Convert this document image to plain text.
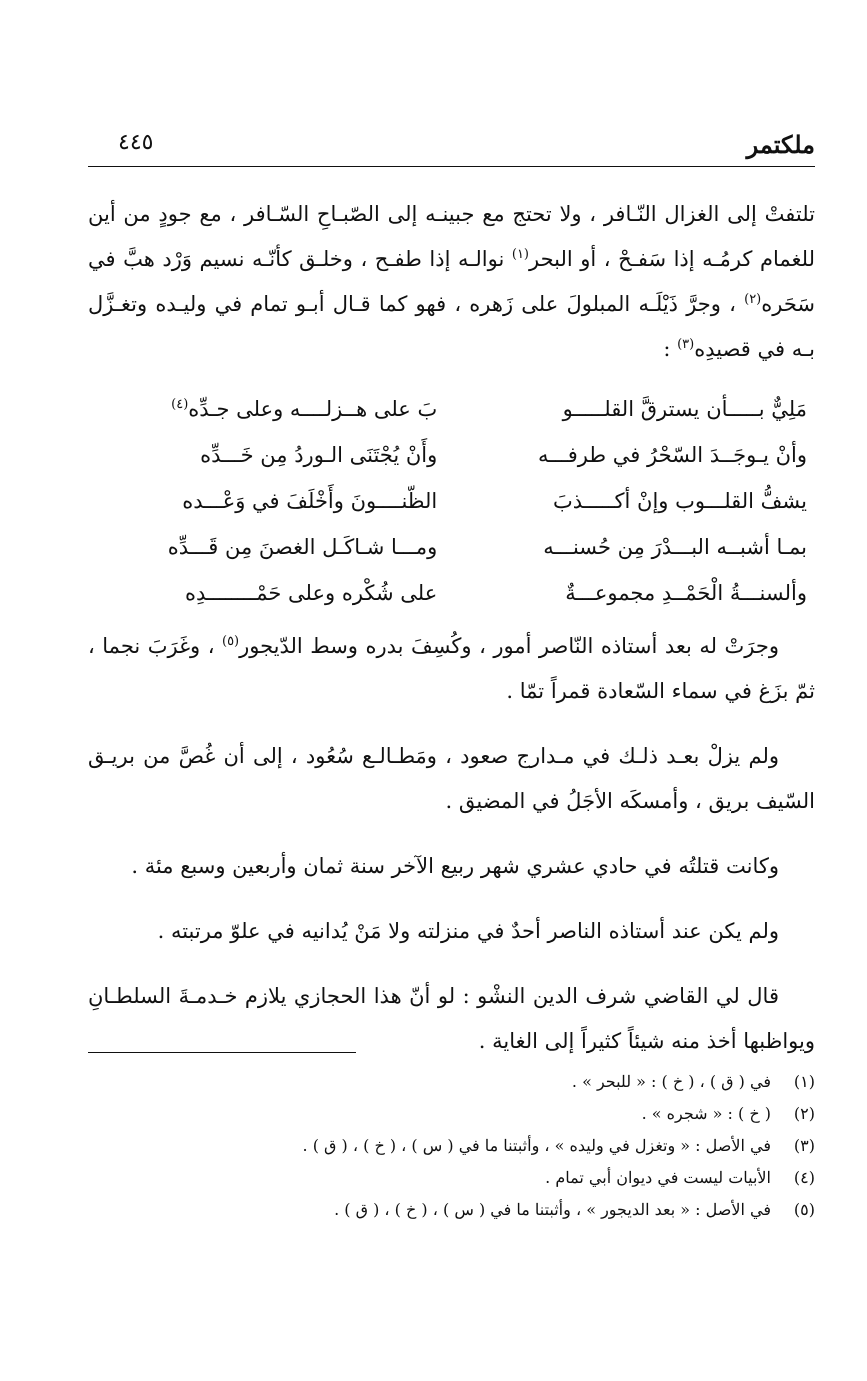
ملكتمر
٤٤٥

تلتفتْ إلى الغزال النّـافر ، ولا تحتج مع جبينـه إلى الصّبـاحِ السّـافر ، مع جودٍ من أين للغمام كرمُـه إذا سَفـحْ ، أو البحر$^{(١)}$ نوالـه إذا طفـح ، وخلـق كأنّـه نسيم وَرْد هبَّ في سَحَره$^{(٢)}$ ، وجرَّ ذَيْلَـه المبلولَ على زَهره ، فهو كما قـال أبـو تمام في وليـده وتغـزَّل بـه في قصيدِه$^{(٣)}$ :

مَلِيٌّ بـــــأن يسترقَّ القلـــــو
بَ على هــزلــــه وعلى جـدِّه$^{(٤)}$
وأنْ يـوجَــدَ السّحْرُ في طرفـــه
وأَنْ يُجْتَنَى الـوردُ مِن خَـــدِّه
يشفُّ القلـــوب وإنْ أكـــــذبَ
الظّنــــونَ وأَخْلَفَ في وَعْـــده
بمـا أشبــه البـــدْرَ مِن حُسنـــه
ومـــا شـاكَـل الغصنَ مِن قَـــدِّه
وألسنـــةُ الْحَمْــدِ مجموعـــةٌ
على شُكْره وعلى حَمْــــــــدِه

وجرَتْ له بعد أستاذه النّاصر أمور ، وكُسِفَ بدره وسط الدّيجور$^{(٥)}$ ، وغَرَبَ نجما ، ثمّ بزَغ في سماء السّعادة قمراً تمّا .

ولم يزلْ بعـد ذلـك في مـدارج صعود ، ومَطـالـع سُعُود ، إلى أن غُصَّ من بريـق السّيف بريق ، وأمسكَه الأجَلُ في المضيق .

وكانت قتلتُه في حادي عشري شهر ربيع الآخر سنة ثمان وأربعين وسبع مئة .

ولم يكن عند أستاذه الناصر أحدٌ في منزلته ولا مَنْ يُدانيه في علوّ مرتبته .

قال لي القاضي شرف الدين النشْو : لو أنّ هذا الحجازي يلازم خـدمـةَ السلطـانِ ويواظبها أخذ منه شيئاً كثيراً إلى الغاية .

(١)
في ( ق ) ، ( خ ) : « للبحر » .
(٢)
( خ ) : « شجره » .
(٣)
في الأصل : « وتغزل في وليده » ، وأثبتنا ما في ( س ) ، ( خ ) ، ( ق ) .
(٤)
الأبيات ليست في ديوان أبي تمام .
(٥)
في الأصل : « بعد الديجور » ، وأثبتنا ما في ( س ) ، ( خ ) ، ( ق ) .
